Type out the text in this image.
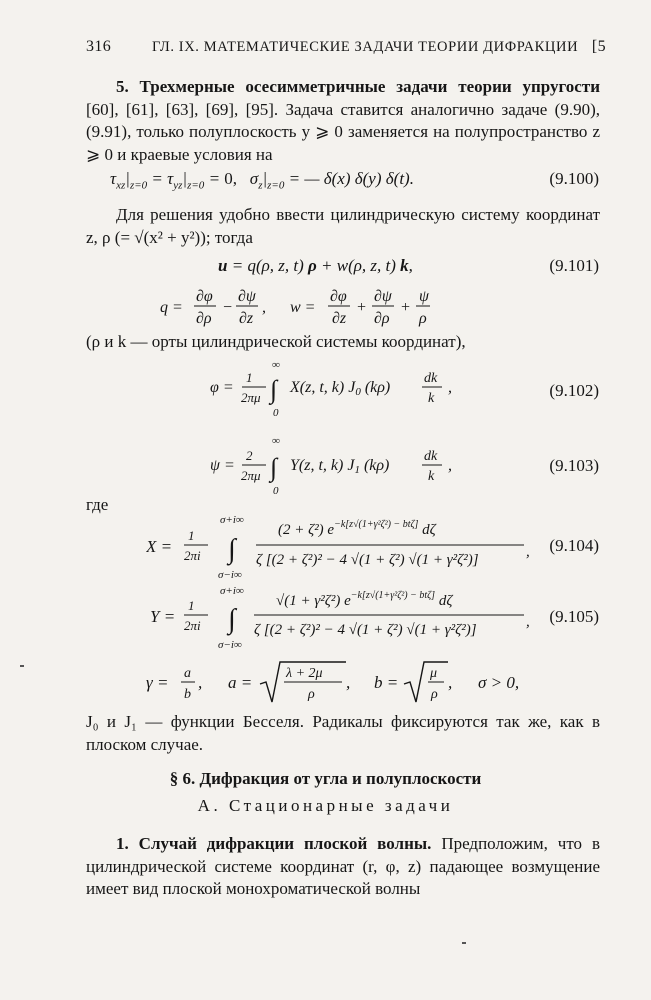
316	ГЛ. IX. МАТЕМАТИЧЕСКИЕ ЗАДАЧИ ТЕОРИИ ДИФРАКЦИИ [5
5. Трехмерные осесимметричные задачи теории упругости [60], [61], [63], [69], [95]. Задача ставится аналогично задаче (9.90), (9.91), только полуплоскость y ⩾ 0 заменяется на полупространство z ⩾ 0 и краевые условия на
$\tau_{xz}|_{z=0} = \tau_{yz}|_{z=0} = 0$,   $\sigma_z|_{z=0}$ = — δ(x) δ(y) δ(t).	(9.100)
Для решения удобно ввести цилиндрическую систему координат z, ρ (= √(x² + y²)); тогда
u = q(ρ, z, t) ρ + w(ρ, z, t) k,	(9.101)
q =
∂φ
∂ρ
−
∂ψ
∂z
, w =
∂φ
∂z
+
∂ψ
∂ρ
+
ψ
ρ
(ρ и k — орты цилиндрической системы координат),
φ =
1
2πμ
∞
∫
0
X(z, t, k) J0 (kρ)
dk
k
,	(9.102)
ψ =
2
2πμ
∞
∫
0
Y(z, t, k) J1 (kρ)
dk
k
,	(9.103)
где
X =
1
2πi
σ+i∞
∫
σ−i∞
(2 + ζ²) $e^{-k[z√(1+\gamma^2\zeta^2) - bt\zeta]}$ dζ
ζ [(2 + ζ²)² − 4 √(1 + ζ²) √(1 + γ²ζ²)]	, (9.104)
Y =
1
2πi
σ+i∞
∫
σ−i∞
√(1 + γ²ζ²) $e^{-k[z√(1+\gamma^2\zeta^2) - bt\zeta]}$ dζ
ζ [(2 + ζ²)² − 4 √(1 + ζ²) √(1 + γ²ζ²)]	, (9.105)
γ = a
b
, a = λ + 2μ
ρ
, b = μ
ρ
, σ > 0,
J₀ и J₁ — функции Бесселя. Радикалы фиксируются так же, как в плоском случае.
§ 6. Дифракция от угла и полуплоскости
А. Стационарные задачи
1. Случай дифракции плоской волны. Предположим, что в цилиндрической системе координат (r, φ, z) падающее возмущение имеет вид плоской монохроматической волны
